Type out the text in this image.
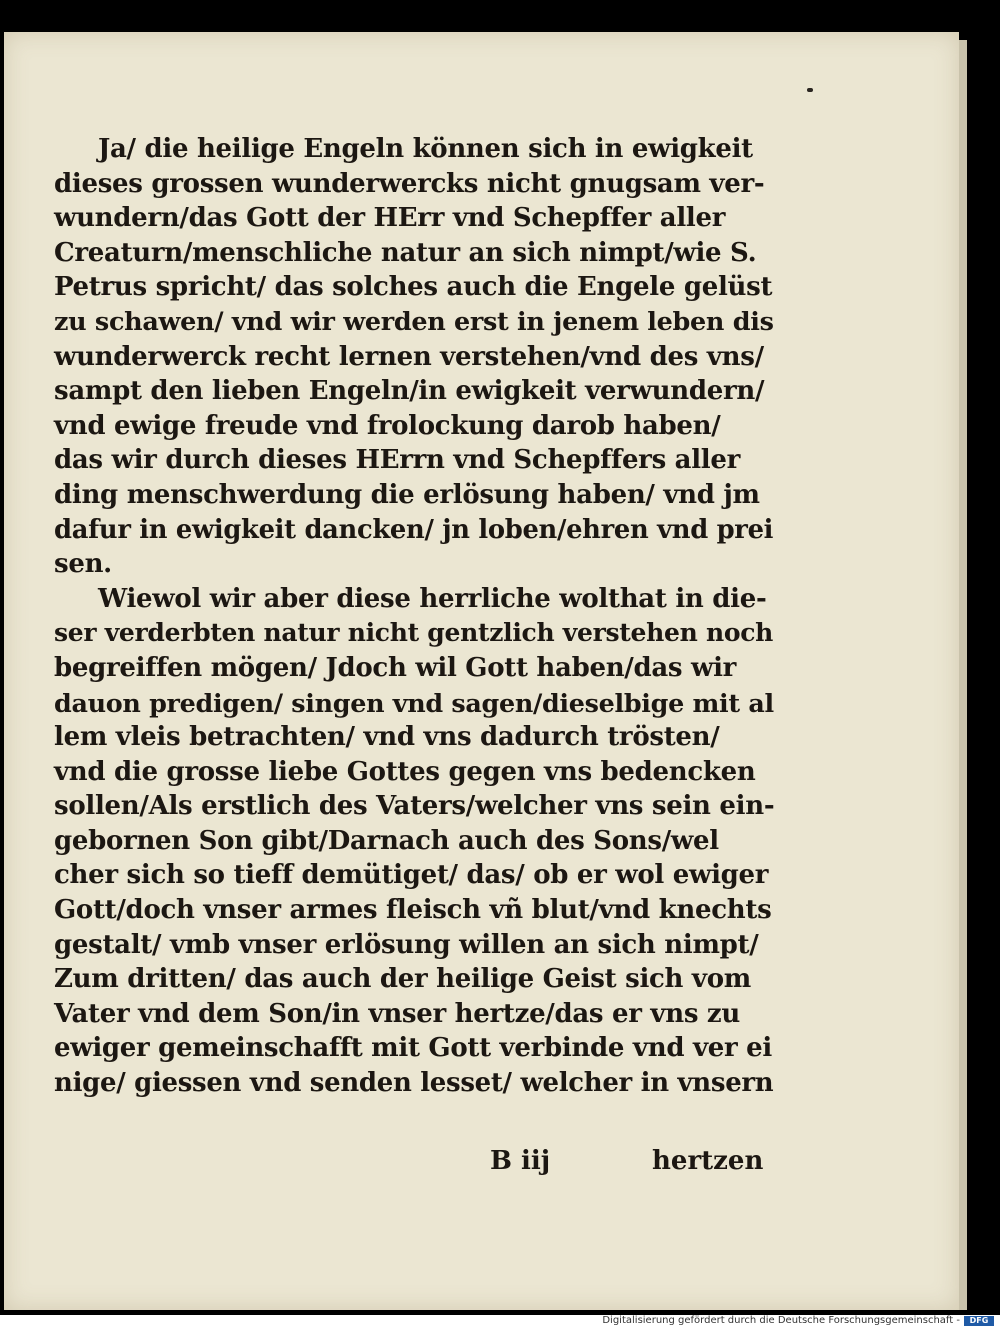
Ja/ die heilige Engeln können sich in ewigkeit
dieses grossen wunderwercks nicht gnugsam ver-
wundern/das Gott der HErr vnd Schepffer aller
Creaturn/menschliche natur an sich nimpt/wie S.
Petrus spricht/ das solches auch die Engele gelüst
zu schawen/ vnd wir werden erst in jenem leben dis
wunderwerck recht lernen verstehen/vnd des vns/
sampt den lieben Engeln/in ewigkeit verwundern/
vnd ewige freude vnd frolockung darob haben/
das wir durch dieses HErrn vnd Schepffers aller
ding menschwerdung die erlösung haben/ vnd jm
dafur in ewigkeit dancken/ jn loben/ehren vnd prei
sen.
Wiewol wir aber diese herrliche wolthat in die-
ser verderbten natur nicht gentzlich verstehen noch
begreiffen mögen/ Jdoch wil Gott haben/das wir
dauon predigen/ singen vnd sagen/dieselbige mit al
lem vleis betrachten/ vnd vns dadurch trösten/
vnd die grosse liebe Gottes gegen vns bedencken
sollen/Als erstlich des Vaters/welcher vns sein ein-
gebornen Son gibt/Darnach auch des Sons/wel
cher sich so tieff demütiget/ das/ ob er wol ewiger
Gott/doch vnser armes fleisch vñ blut/vnd knechts
gestalt/ vmb vnser erlösung willen an sich nimpt/
Zum dritten/ das auch der heilige Geist sich vom
Vater vnd dem Son/in vnser hertze/das er vns zu
ewiger gemeinschafft mit Gott verbinde vnd ver ei
nige/ giessen vnd senden lesset/ welcher in vnsern
B iij	hertzen
Digitalisierung gefördert durch die Deutsche Forschungsgemeinschaft -	DFG
